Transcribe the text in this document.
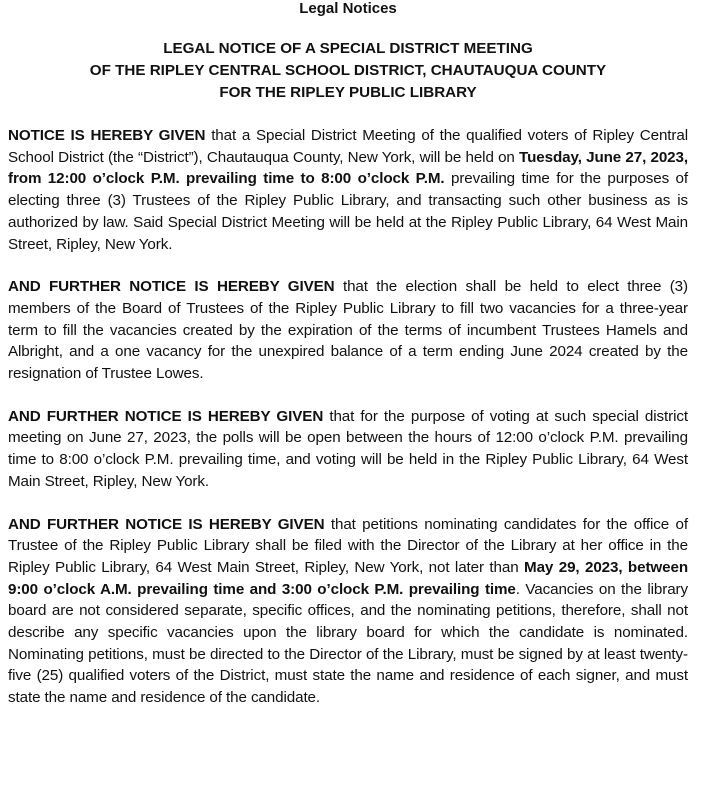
Legal Notices
LEGAL NOTICE OF A SPECIAL DISTRICT MEETING
OF THE RIPLEY CENTRAL SCHOOL DISTRICT, CHAUTAUQUA COUNTY
FOR THE RIPLEY PUBLIC LIBRARY

NOTICE IS HEREBY GIVEN that a Special District Meeting of the qualified voters of Ripley Central School District (the “District”), Chautauqua County, New York, will be held on Tuesday, June 27, 2023, from 12:00 o’clock P.M. prevailing time to 8:00 o’clock P.M. prevailing time for the purposes of electing three (3) Trustees of the Ripley Public Library, and transacting such other business as is authorized by law. Said Special District Meeting will be held at the Ripley Public Library, 64 West Main Street, Ripley, New York.

AND FURTHER NOTICE IS HEREBY GIVEN that the election shall be held to elect three (3) members of the Board of Trustees of the Ripley Public Library to fill two vacancies for a three-year term to fill the vacancies created by the expiration of the terms of incumbent Trustees Hamels and Albright, and a one vacancy for the unexpired balance of a term ending June 2024 created by the resignation of Trustee Lowes.

AND FURTHER NOTICE IS HEREBY GIVEN that for the purpose of voting at such special district meeting on June 27, 2023, the polls will be open between the hours of 12:00 o’clock P.M. prevailing time to 8:00 o’clock P.M. prevailing time, and voting will be held in the Ripley Public Library, 64 West Main Street, Ripley, New York.

AND FURTHER NOTICE IS HEREBY GIVEN that petitions nominating candidates for the office of Trustee of the Ripley Public Library shall be filed with the Director of the Library at her office in the Ripley Public Library, 64 West Main Street, Ripley, New York, not later than May 29, 2023, between 9:00 o’clock A.M. prevailing time and 3:00 o’clock P.M. prevailing time. Vacancies on the library board are not considered separate, specific offices, and the nominating petitions, therefore, shall not describe any specific vacancies upon the library board for which the candidate is nominated. Nominating petitions, must be directed to the Director of the Library, must be signed by at least twenty-five (25) qualified voters of the District, must state the name and residence of each signer, and must state the name and residence of the candidate.
